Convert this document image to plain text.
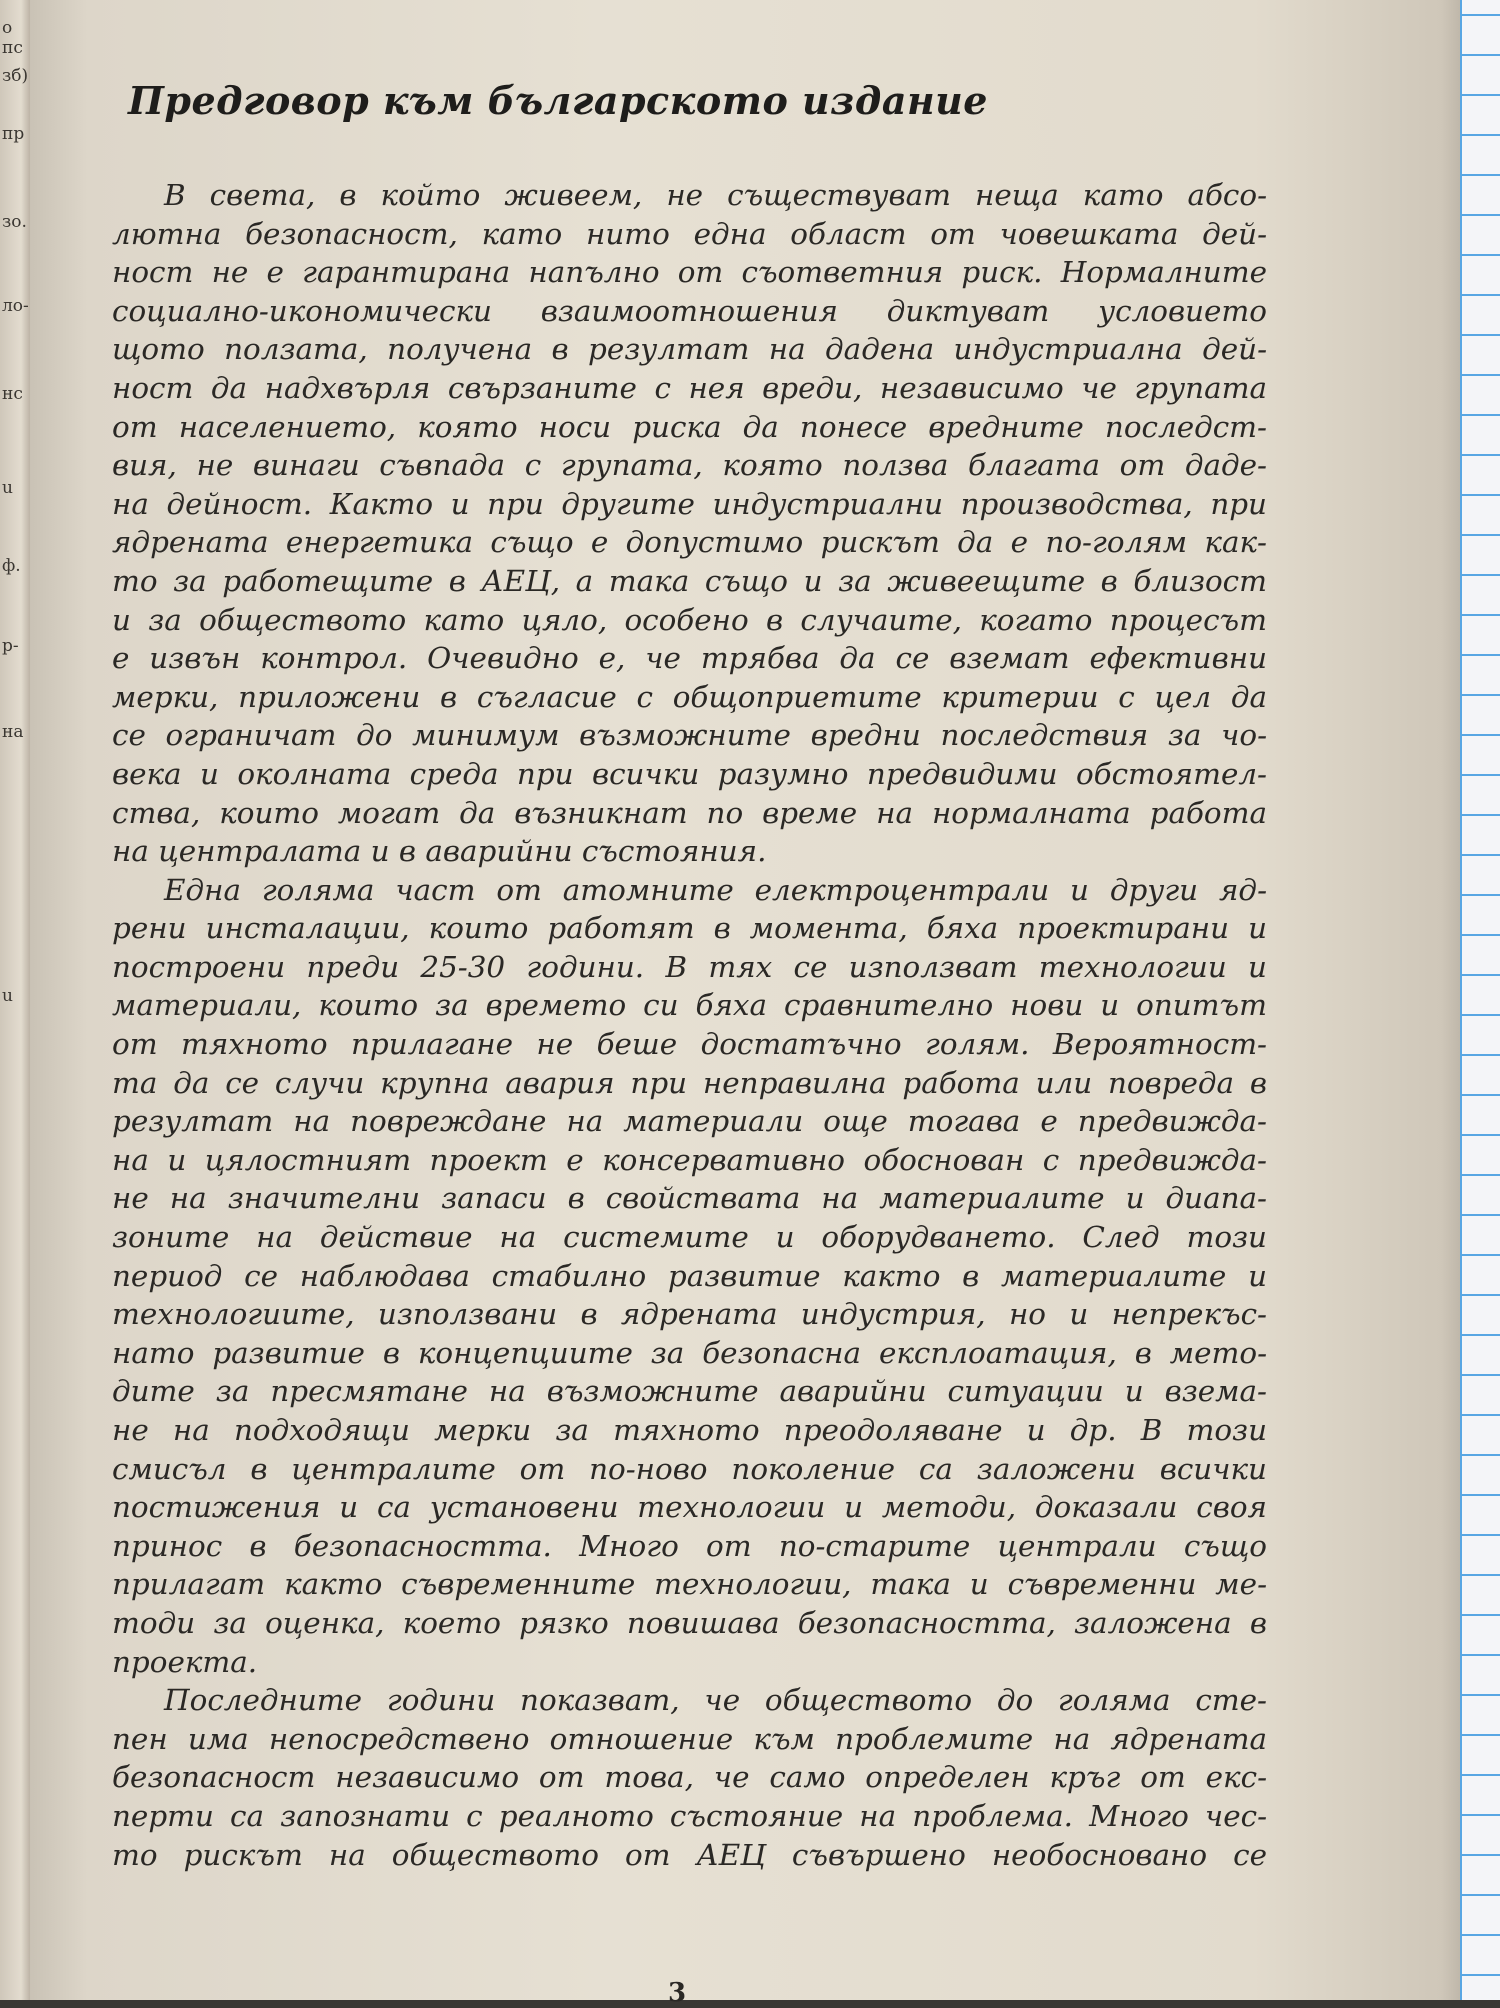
о пс
зб)
пр
зо.
ло-
нс
u
ф.
р-
на
u
Предговор към българското издание
В света, в който живеем, не съществуват неща като абсо-
лютна безопасност, като нито една област от човешката дей-
ност не е гарантирана напълно от съответния риск. Нормалните
социално-икономически взаимоотношения диктуват условието
щото ползата, получена в резултат на дадена индустриална дей-
ност да надхвърля свързаните с нея вреди, независимо че групата
от населението, която носи риска да понесе вредните последст-
вия, не винаги съвпада с групата, която ползва благата от даде-
на дейност. Както и при другите индустриални производства, при
ядрената енергетика също е допустимо рискът да е по-голям как-
то за работещите в АЕЦ, а така също и за живеещите в близост
и за обществото като цяло, особено в случаите, когато процесът
е извън контрол. Очевидно е, че трябва да се вземат ефективни
мерки, приложени в съгласие с общоприетите критерии с цел да
се ограничат до минимум възможните вредни последствия за чо-
века и околната среда при всички разумно предвидими обстоятел-
ства, които могат да възникнат по време на нормалната работа
на централата и в аварийни състояния.
Една голяма част от атомните електроцентрали и други яд-
рени инсталации, които работят в момента, бяха проектирани и
построени преди 25-30 години. В тях се използват технологии и
материали, които за времето си бяха сравнително нови и опитът
от тяхното прилагане не беше достатъчно голям. Вероятност-
та да се случи крупна авария при неправилна работа или повреда в
резултат на повреждане на материали още тогава е предвижда-
на и цялостният проект е консервативно обоснован с предвижда-
не на значителни запаси в свойствата на материалите и диапа-
зоните на действие на системите и оборудването. След този
период се наблюдава стабилно развитие както в материалите и
технологиите, използвани в ядрената индустрия, но и непрекъс-
нато развитие в концепциите за безопасна експлоатация, в мето-
дите за пресмятане на възможните аварийни ситуации и вземa-
не на подходящи мерки за тяхното преодоляване и др. В този
смисъл в централите от по-ново поколение са заложени всички
постижения и са установени технологии и методи, доказали своя
принос в безопасността. Много от по-старите централи също
прилагат както съвременните технологии, така и съвременни ме-
тоди за оценка, което рязко повишава безопасността, заложена в
проекта.
Последните години показват, че обществото до голяма сте-
пен има непосредствено отношение към проблемите на ядрената
безопасност независимо от това, че само определен кръг от екс-
перти са запознати с реалното състояние на проблема. Много чес-
то рискът на обществото от АЕЦ съвършено необосновано се
3
